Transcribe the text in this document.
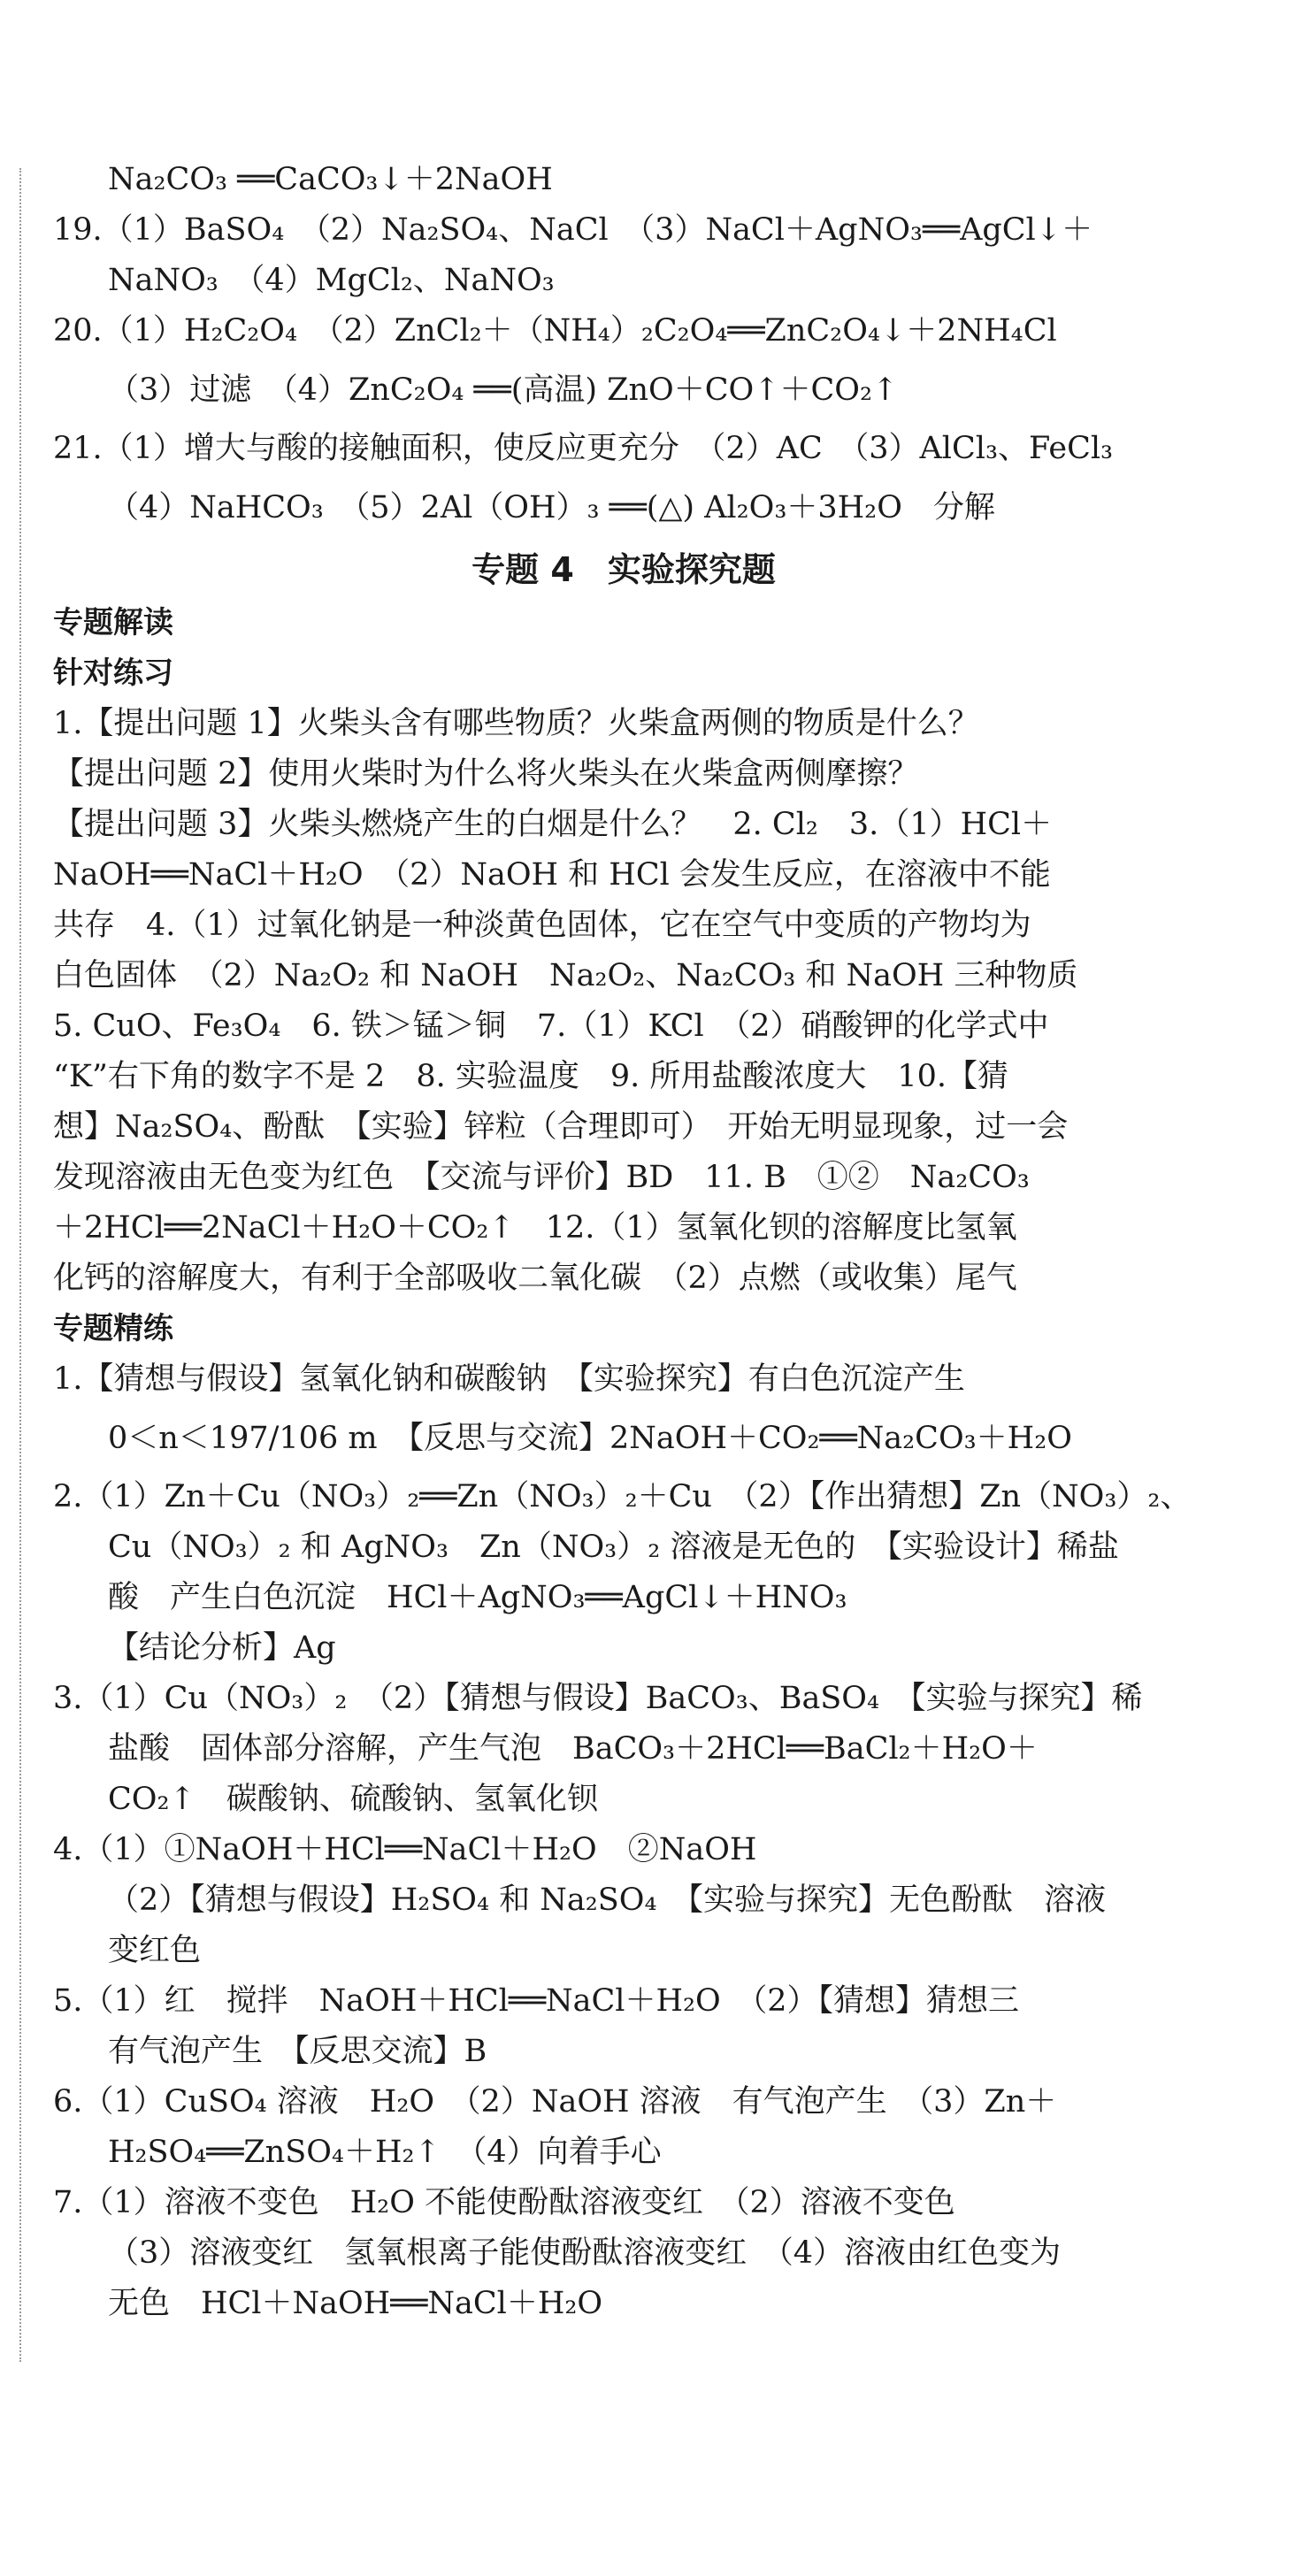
Na₂CO₃ ══CaCO₃↓＋2NaOH
19.（1）BaSO₄　（2）Na₂SO₄、NaCl　（3）NaCl＋AgNO₃══AgCl↓＋
NaNO₃　（4）MgCl₂、NaNO₃
20.（1）H₂C₂O₄　（2）ZnCl₂＋（NH₄）₂C₂O₄══ZnC₂O₄↓＋2NH₄Cl
（3）过滤　（4）ZnC₂O₄ ══(高温) ZnO＋CO↑＋CO₂↑
21.（1）增大与酸的接触面积，使反应更充分　（2）AC　（3）AlCl₃、FeCl₃
（4）NaHCO₃　（5）2Al（OH）₃ ══(△) Al₂O₃＋3H₂O　分解
专题 4　实验探究题
专题解读
针对练习
1.【提出问题 1】火柴头含有哪些物质？火柴盒两侧的物质是什么？
【提出问题 2】使用火柴时为什么将火柴头在火柴盒两侧摩擦？
【提出问题 3】火柴头燃烧产生的白烟是什么？　2. Cl₂　3.（1）HCl＋
NaOH══NaCl＋H₂O　（2）NaOH 和 HCl 会发生反应，在溶液中不能
共存　4.（1）过氧化钠是一种淡黄色固体，它在空气中变质的产物均为
白色固体　（2）Na₂O₂ 和 NaOH　Na₂O₂、Na₂CO₃ 和 NaOH 三种物质
5. CuO、Fe₃O₄　6. 铁＞锰＞铜　7.（1）KCl　（2）硝酸钾的化学式中
“K”右下角的数字不是 2　8. 实验温度　9. 所用盐酸浓度大　10.【猜
想】Na₂SO₄、酚酞　【实验】锌粒（合理即可）　开始无明显现象，过一会
发现溶液由无色变为红色　【交流与评价】BD　11. B　①②　Na₂CO₃
＋2HCl══2NaCl＋H₂O＋CO₂↑　12.（1）氢氧化钡的溶解度比氢氧
化钙的溶解度大，有利于全部吸收二氧化碳　（2）点燃（或收集）尾气
专题精练
1.【猜想与假设】氢氧化钠和碳酸钠　【实验探究】有白色沉淀产生
0＜n＜197/106 m　【反思与交流】2NaOH＋CO₂══Na₂CO₃＋H₂O
2.（1）Zn＋Cu（NO₃）₂══Zn（NO₃）₂＋Cu　（2）【作出猜想】Zn（NO₃）₂、
Cu（NO₃）₂ 和 AgNO₃　Zn（NO₃）₂ 溶液是无色的　【实验设计】稀盐
酸　产生白色沉淀　HCl＋AgNO₃══AgCl↓＋HNO₃
【结论分析】Ag
3.（1）Cu（NO₃）₂　（2）【猜想与假设】BaCO₃、BaSO₄　【实验与探究】稀
盐酸　固体部分溶解，产生气泡　BaCO₃＋2HCl══BaCl₂＋H₂O＋
CO₂↑　碳酸钠、硫酸钠、氢氧化钡
4.（1）①NaOH＋HCl══NaCl＋H₂O　②NaOH
（2）【猜想与假设】H₂SO₄ 和 Na₂SO₄　【实验与探究】无色酚酞　溶液
变红色
5.（1）红　搅拌　NaOH＋HCl══NaCl＋H₂O　（2）【猜想】猜想三
有气泡产生　【反思交流】B
6.（1）CuSO₄ 溶液　H₂O　（2）NaOH 溶液　有气泡产生　（3）Zn＋
H₂SO₄══ZnSO₄＋H₂↑　（4）向着手心
7.（1）溶液不变色　H₂O 不能使酚酞溶液变红　（2）溶液不变色
（3）溶液变红　氢氧根离子能使酚酞溶液变红　（4）溶液由红色变为
无色　HCl＋NaOH══NaCl＋H₂O
